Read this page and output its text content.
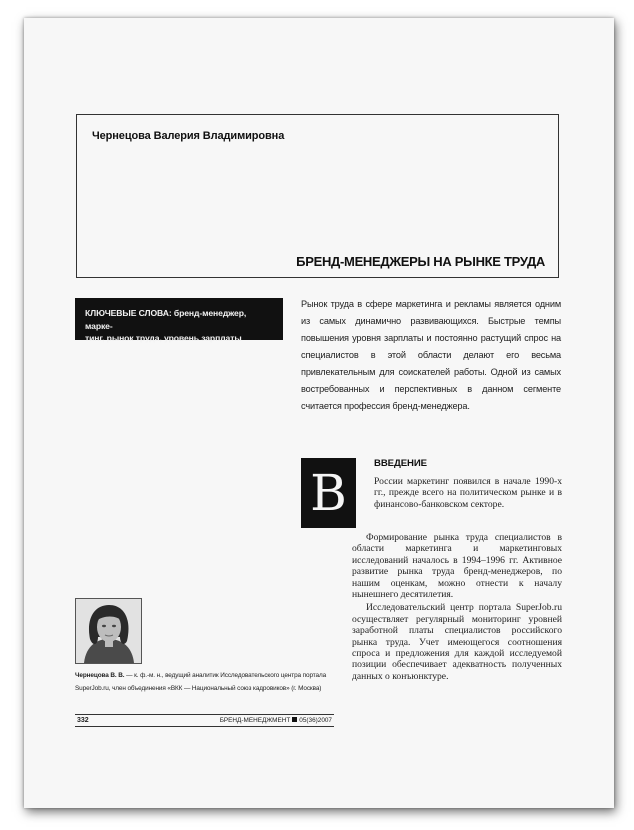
Чернецова Валерия Владимировна
БРЕНД-МЕНЕДЖЕРЫ НА РЫНКЕ ТРУДА
КЛЮЧЕВЫЕ СЛОВА: бренд-менеджер, марке-
тинг, рынок труда, уровень зарплаты
Рынок труда в сфере маркетинга и рекламы является одним из самых динамично развивающихся. Быстрые темпы повышения уровня зарплаты и постоянно растущий спрос на специалистов в этой области делают его весьма привлекательным для соискателей работы. Одной из самых востребованных и перспективных в данном сегменте считается профессия бренд-менеджера.
В
ВВЕДЕНИЕ
России маркетинг появился в начале 1990-х гг., прежде всего на политическом рынке и в финансово-банковском секторе.

Формирование рынка труда специалистов в области маркетинга и маркетинговых исследований началось в 1994–1996 гг. Активное развитие рынка труда бренд-менеджеров, по нашим оценкам, можно отнести к началу нынешнего десятилетия.

Исследовательский центр портала SuperJob.ru осуществляет регулярный мониторинг уровней заработной платы специалистов российского рынка труда. Учет имеющегося соотношения спроса и предложения для каждой исследуемой позиции обеспечивает адекватность полученных данных о конъюнктуре.

Чернецова В. В. — к. ф.-м. н., ведущий аналитик Исследовательского центра портала SuperJob.ru, член объединения «ВКК — Национальный союз кадровиков» (г. Москва)
332	БРЕНД-МЕНЕДЖМЕНТ 05(36)2007
